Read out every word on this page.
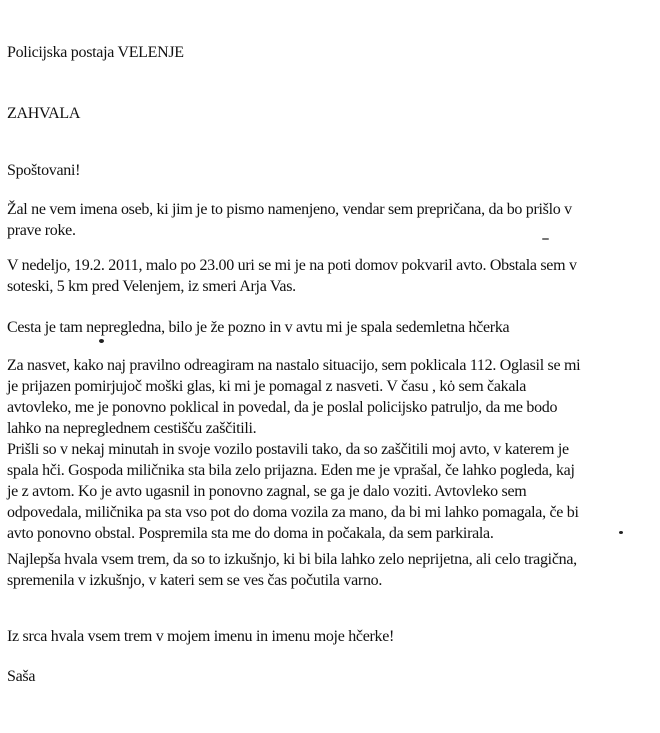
Policijska postaja VELENJE
ZAHVALA
Spoštovani!
Žal ne vem imena oseb, ki jim je to pismo namenjeno, vendar sem prepričana, da bo prišlo v
prave roke.
V nedeljo, 19.2. 2011, malo po 23.00 uri se mi je na poti domov pokvaril avto. Obstala sem v
soteski, 5 km pred Velenjem, iz smeri Arja Vas.
Cesta je tam nepregledna, bilo je že pozno in v avtu mi je spala sedemletna hčerka
Za nasvet, kako naj pravilno odreagiram na nastalo situacijo, sem poklicala 112. Oglasil se mi
je prijazen pomirjujoč moški glas, ki mi je pomagal z nasveti. V času , kȯ sem čakala
avtovleko, me je ponovno poklical in povedal, da je poslal policijsko patruljo, da me bodo
lahko na nepreglednem cestišču zaščitili.
Prišli so v nekaj minutah in svoje vozilo postavili tako, da so zaščitili moj avto, v katerem je
spala hči. Gospoda miličnika sta bila zelo prijazna. Eden me je vprašal, če lahko pogleda, kaj
je z avtom. Ko je avto ugasnil in ponovno zagnal, se ga je dalo voziti. Avtovleko sem
odpovedala, miličnika pa sta vso pot do doma vozila za mano, da bi mi lahko pomagala, če bi
avto ponovno obstal. Pospremila sta me do doma in počakala, da sem parkirala.
Najlepša hvala vsem trem, da so to izkušnjo, ki bi bila lahko zelo neprijetna, ali celo tragična,
spremenila v izkušnjo, v kateri sem se ves čas počutila varno.
Iz srca hvala vsem trem v mojem imenu in imenu moje hčerke!
Saša
